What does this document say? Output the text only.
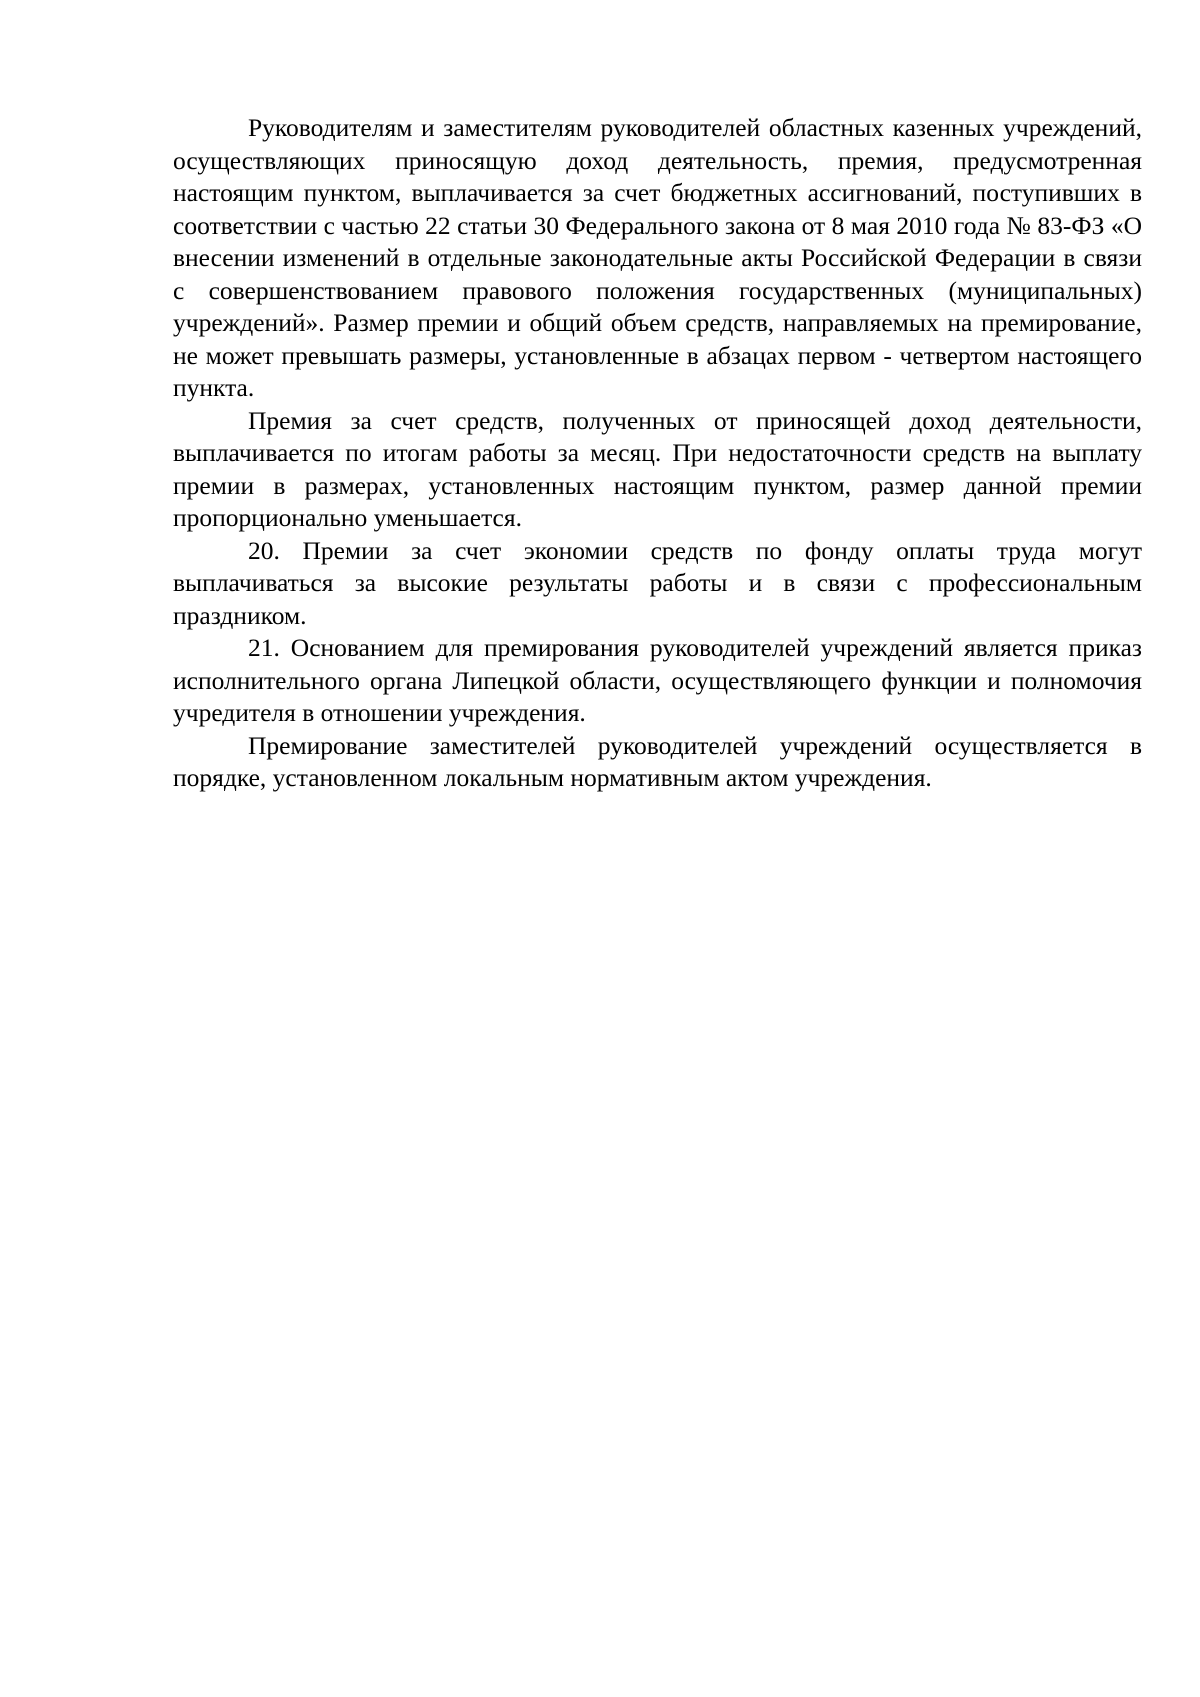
Руководителям и заместителям руководителей областных казенных учреждений, осуществляющих приносящую доход деятельность, премия, предусмотренная настоящим пунктом, выплачивается за счет бюджетных ассигнований, поступивших в соответствии с частью 22 статьи 30 Федерального закона от 8 мая 2010 года № 83-ФЗ «О внесении изменений в отдельные законодательные акты Российской Федерации в связи с совершенствованием правового положения государственных (муниципальных) учреждений». Размер премии и общий объем средств, направляемых на премирование, не может превышать размеры, установленные в абзацах первом - четвертом настоящего пункта.

Премия за счет средств, полученных от приносящей доход деятельности, выплачивается по итогам работы за месяц. При недостаточности средств на выплату премии в размерах, установленных настоящим пунктом, размер данной премии пропорционально уменьшается.

20. Премии за счет экономии средств по фонду оплаты труда могут выплачиваться за высокие результаты работы и в связи с профессиональным праздником.

21. Основанием для премирования руководителей учреждений является приказ исполнительного органа Липецкой области, осуществляющего функции и полномочия учредителя в отношении учреждения.

Премирование заместителей руководителей учреждений осуществляется в порядке, установленном локальным нормативным актом учреждения.
